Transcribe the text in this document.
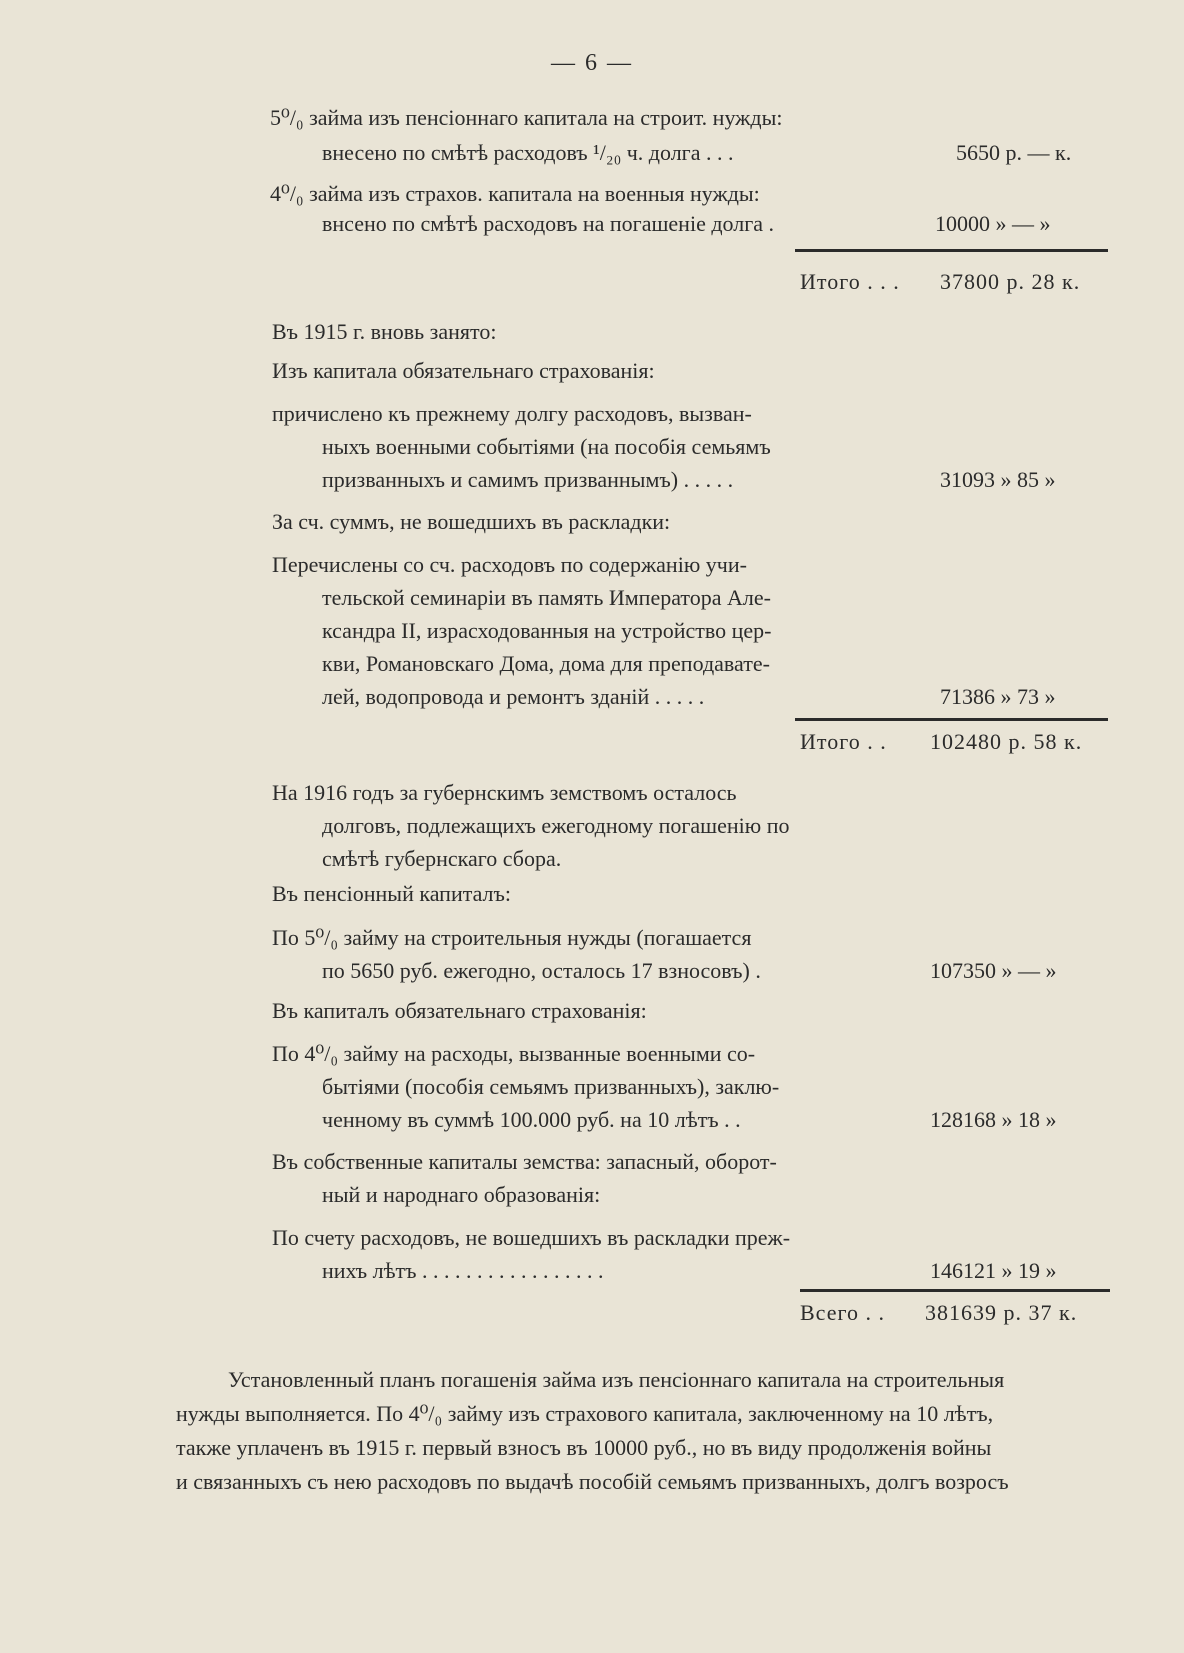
— 6 —
5⁰/₀ займа изъ пенсіоннаго капитала на строит. нужды:
внесено по смѣтѣ расходовъ ¹/₂₀ ч. долга . . .	5650 р. — к.
4⁰/₀ займа изъ страхов. капитала на военныя нужды:
внсено по смѣтѣ расходовъ на погашеніе долга .	10000 » — »
Итого . . . 37800 р. 28 к.
Въ 1915 г. вновь занято:
Изъ капитала обязательнаго страхованія:
причислено къ прежнему долгу расходовъ, вызван-
ныхъ военными событіями (на пособія семьямъ
призванныхъ и самимъ призваннымъ) . . . . .	31093 » 85 »
За сч. суммъ, не вошедшихъ въ раскладки:
Перечислены со сч. расходовъ по содержанію учи-
тельской семинаріи въ память Императора Але-
ксандра II, израсходованныя на устройство цер-
кви, Романовскаго Дома, дома для преподавате-
лей, водопровода и ремонтъ зданій . . . . .	71386 » 73 »
Итого . . 102480 р. 58 к.
На 1916 годъ за губернскимъ земствомъ осталось
долговъ, подлежащихъ ежегодному погашенію по
смѣтѣ губернскаго сбора.
Въ пенсіонный капиталъ:
По 5⁰/₀ займу на строительныя нужды (погашается
по 5650 руб. ежегодно, осталось 17 взносовъ) .	107350 » — »
Въ капиталъ обязательнаго страхованія:
По 4⁰/₀ займу на расходы, вызванные военными со-
бытіями (пособія семьямъ призванныхъ), заклю-
ченному въ суммѣ 100.000 руб. на 10 лѣтъ . .	128168 » 18 »
Въ собственные капиталы земства: запасный, оборот-
ный и народнаго образованія:
По счету расходовъ, не вошедшихъ въ раскладки преж-
нихъ лѣтъ . . . . . . . . . . . . . . . . .	146121 » 19 »
Всего . . 381639 р. 37 к.
Установленный планъ погашенія займа изъ пенсіоннаго капитала на строительныя
нужды выполняется. По 4⁰/₀ займу изъ страхового капитала, заключенному на 10 лѣтъ,
также уплаченъ въ 1915 г. первый взносъ въ 10000 руб., но въ виду продолженія войны
и связанныхъ съ нею расходовъ по выдачѣ пособій семьямъ призванныхъ, долгъ возросъ
